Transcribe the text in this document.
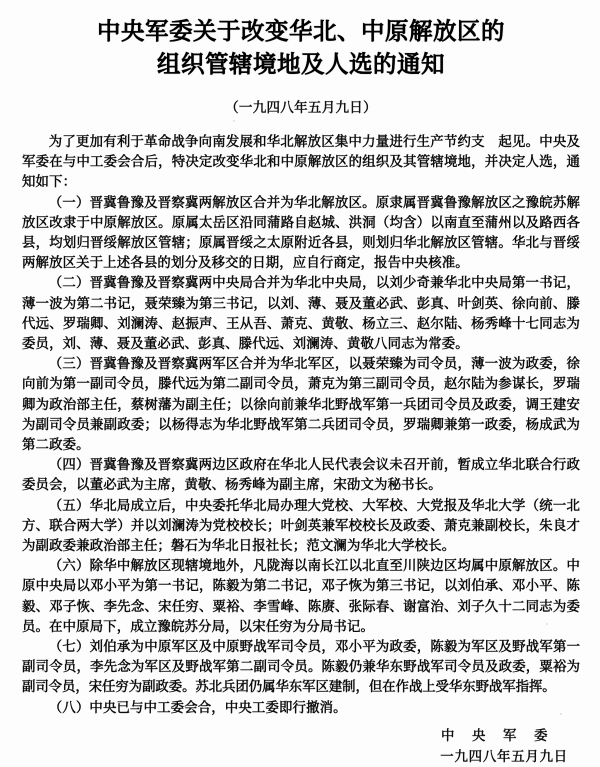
中央军委关于改变华北、中原解放区的
组织管辖境地及人选的通知
（一九四八年五月九日）

为了更加有利于革命战争向南发展和华北解放区集中力量进行生产节约支　起见。中央及军委在与中工委会合后，特决定改变华北和中原解放区的组织及其管辖境地，并决定人选，通知如下：

（一）晋冀鲁豫及晋察冀两解放区合并为华北解放区。原隶属晋冀鲁豫解放区之豫皖苏解放区改隶于中原解放区。原属太岳区沿同蒲路自赵城、洪洞（均含）以南直至蒲州以及路西各县，均划归晋绥解放区管辖；原属晋绥之太原附近各县，则划归华北解放区管辖。华北与晋绥两解放区关于上述各县的划分及移交的日期，应自行商定，报告中央核准。

（二）晋冀鲁豫及晋察冀两中央局合并为华北中央局，以刘少奇兼华北中央局第一书记，薄一波为第二书记，聂荣臻为第三书记，以刘、薄、聂及董必武、彭真、叶剑英、徐向前、滕代远、罗瑞卿、刘澜涛、赵振声、王从吾、萧克、黄敬、杨立三、赵尔陆、杨秀峰十七同志为委员，刘、薄、聂及董必武、彭真、滕代远、刘澜涛、黄敬八同志为常委。

（三）晋冀鲁豫及晋察冀两军区合并为华北军区，以聂荣臻为司令员，薄一波为政委，徐向前为第一副司令员，滕代远为第二副司令员，萧克为第三副司令员，赵尔陆为参谋长，罗瑞卿为政治部主任，蔡树藩为副主任；以徐向前兼华北野战军第一兵团司令员及政委，调王建安为副司令员兼副政委；以杨得志为华北野战军第二兵团司令员，罗瑞卿兼第一政委，杨成武为第二政委。

（四）晋冀鲁豫及晋察冀两边区政府在华北人民代表会议未召开前，暂成立华北联合行政委员会，以董必武为主席，黄敬、杨秀峰为副主席，宋劭文为秘书长。

（五）华北局成立后，中央委托华北局办理大党校、大军校、大党报及华北大学（统一北方、联合两大学）并以刘澜涛为党校校长；叶剑英兼军校校长及政委、萧克兼副校长，朱良才为副政委兼政治部主任；磐石为华北日报社长；范文澜为华北大学校长。

（六）除华中解放区现辖境地外，凡陇海以南长江以北直至川陕边区均属中原解放区。中原中央局以邓小平为第一书记，陈毅为第二书记，邓子恢为第三书记，以刘伯承、邓小平、陈毅、邓子恢、李先念、宋任穷、粟裕、李雪峰、陈赓、张际春、谢富治、刘子久十二同志为委员。在中原局下，成立豫皖苏分局，以宋任穷为分局书记。

（七）刘伯承为中原军区及中原野战军司令员，邓小平为政委，陈毅为军区及野战军第一副司令员，李先念为军区及野战军第二副司令员。陈毅仍兼华东野战军司令员及政委，粟裕为副司令员，宋任穷为副政委。苏北兵团仍属华东军区建制，但在作战上受华东野战军指挥。

（八）中央已与中工委会合，中央工委即行撤消。

中 央 军 委
一九四八年五月九日
